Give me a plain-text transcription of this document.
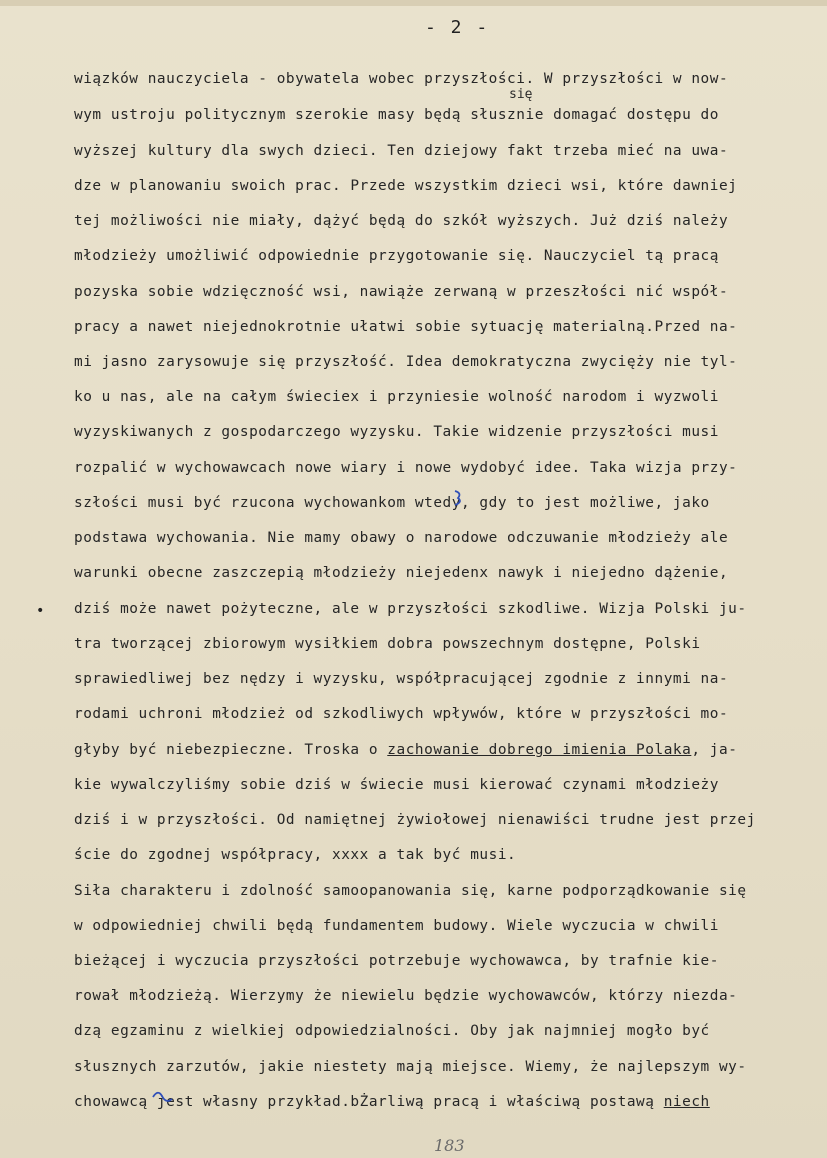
- 2 -
się
•
wiązków nauczyciela - obywatela wobec przyszłości. W przyszłości w now-
wym ustroju politycznym szerokie masy będą słusznie domagać dostępu do
wyższej kultury dla swych dzieci. Ten dziejowy fakt trzeba mieć na uwa-
dze w planowaniu swoich prac. Przede wszystkim dzieci wsi, które dawniej
tej możliwości nie miały, dążyć będą do szkół wyższych. Już dziś należy
młodzieży umożliwić odpowiednie przygotowanie się. Nauczyciel tą pracą
pozyska sobie wdzięczność wsi, nawiąże zerwaną w przeszłości nić współ-
pracy a nawet niejednokrotnie ułatwi sobie sytuację materialną.Przed na-
mi jasno zarysowuje się przyszłość. Idea demokratyczna zwycięży nie tyl-
ko u nas, ale na całym świeciex i przyniesie wolność narodom i wyzwoli
wyzyskiwanych z gospodarczego wyzysku. Takie widzenie przyszłości musi
rozpalić w wychowawcach nowe wiary i nowe wydobyć idee. Taka wizja przy-
szłości musi być rzucona wychowankom wtedy, gdy to jest możliwe, jako
podstawa wychowania. Nie mamy obawy o narodowe odczuwanie młodzieży ale
warunki obecne zaszczepią młodzieży niejedenx nawyk i niejedno dążenie,
dziś może nawet pożyteczne, ale w przyszłości szkodliwe. Wizja Polski ju-
tra tworzącej zbiorowym wysiłkiem dobra powszechnym dostępne, Polski
sprawiedliwej bez nędzy i wyzysku, współpracującej zgodnie z innymi na-
rodami uchroni młodzież od szkodliwych wpływów, które w przyszłości mo-
głyby być niebezpieczne. Troska o zachowanie dobrego imienia Polaka, ja-
kie wywalczyliśmy sobie dziś w świecie musi kierować czynami młodzieży
dziś i w przyszłości. Od namiętnej żywiołowej nienawiści trudne jest przej
ście do zgodnej współpracy, xxxx a tak być musi.
Siła charakteru i zdolność samoopanowania się, karne podporządkowanie się
w odpowiedniej chwili będą fundamentem budowy. Wiele wyczucia w chwili
bieżącej i wyczucia przyszłości potrzebuje wychowawca, by trafnie kie-
rował młodzieżą. Wierzymy że niewielu będzie wychowawców, którzy niezda-
dzą egzaminu z wielkiej odpowiedzialności. Oby jak najmniej mogło być
słusznych zarzutów, jakie niestety mają miejsce. Wiemy, że najlepszym wy-
chowawcą jest własny przykład.bŻarliwą pracą i właściwą postawą niech
183
